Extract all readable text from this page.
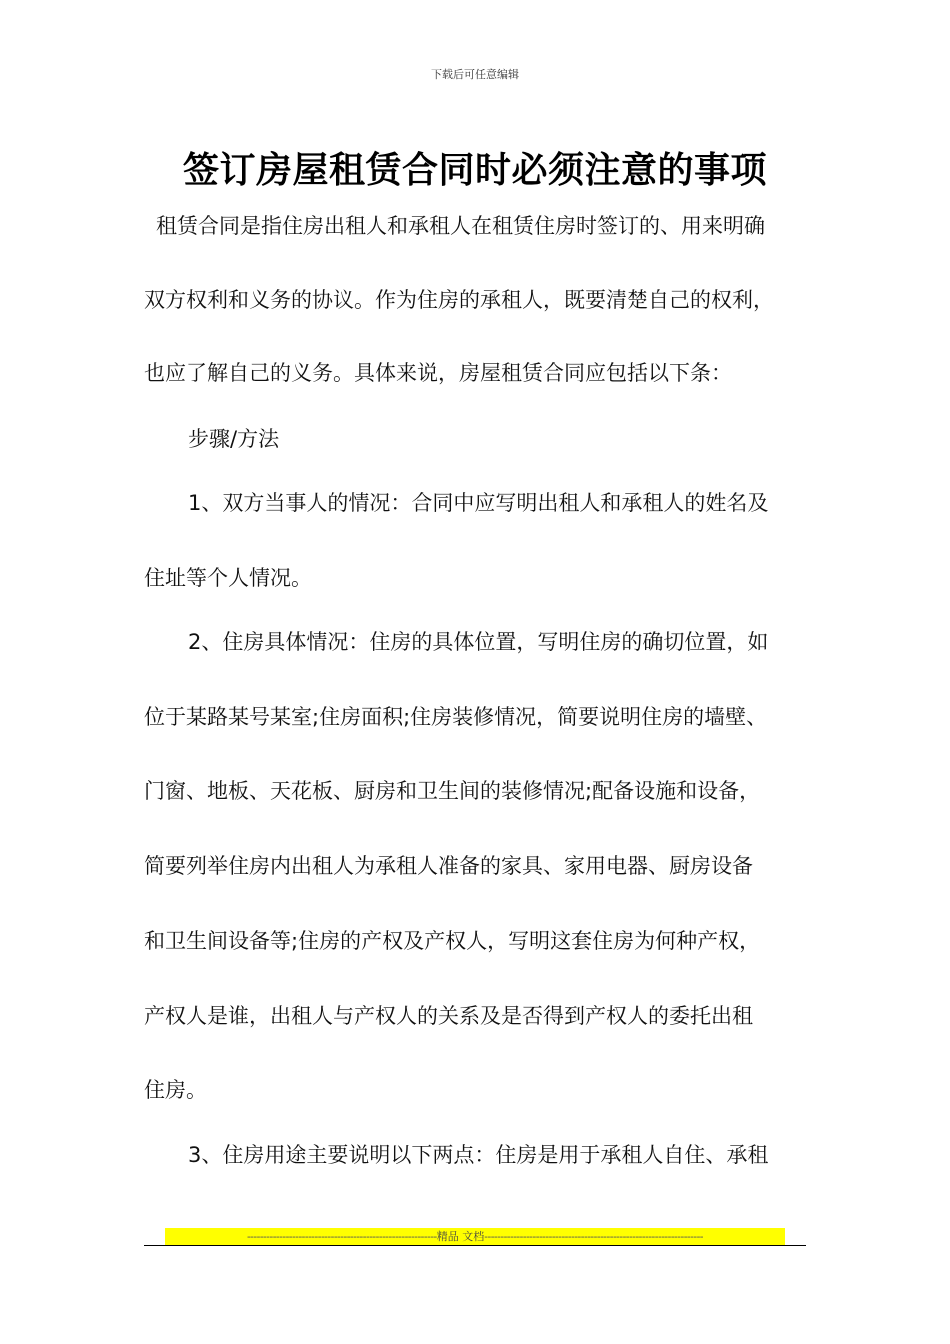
下载后可任意编辑
签订房屋租赁合同时必须注意的事项
租赁合同是指住房出租人和承租人在租赁住房时签订的、用来明确
双方权利和义务的协议。作为住房的承租人，既要清楚自己的权利，
也应了解自己的义务。具体来说，房屋租赁合同应包括以下条：
步骤/方法
1、双方当事人的情况：合同中应写明出租人和承租人的姓名及
住址等个人情况。
2、住房具体情况：住房的具体位置，写明住房的确切位置，如
位于某路某号某室;住房面积;住房装修情况，简要说明住房的墙壁、
门窗、地板、天花板、厨房和卫生间的装修情况;配备设施和设备，
简要列举住房内出租人为承租人准备的家具、家用电器、厨房设备
和卫生间设备等;住房的产权及产权人，写明这套住房为何种产权，
产权人是谁，出租人与产权人的关系及是否得到产权人的委托出租
住房。
3、住房用途主要说明以下两点：住房是用于承租人自住、承租
-----------------------------------------------------------精品 文档--------------------------------------------------------------------
